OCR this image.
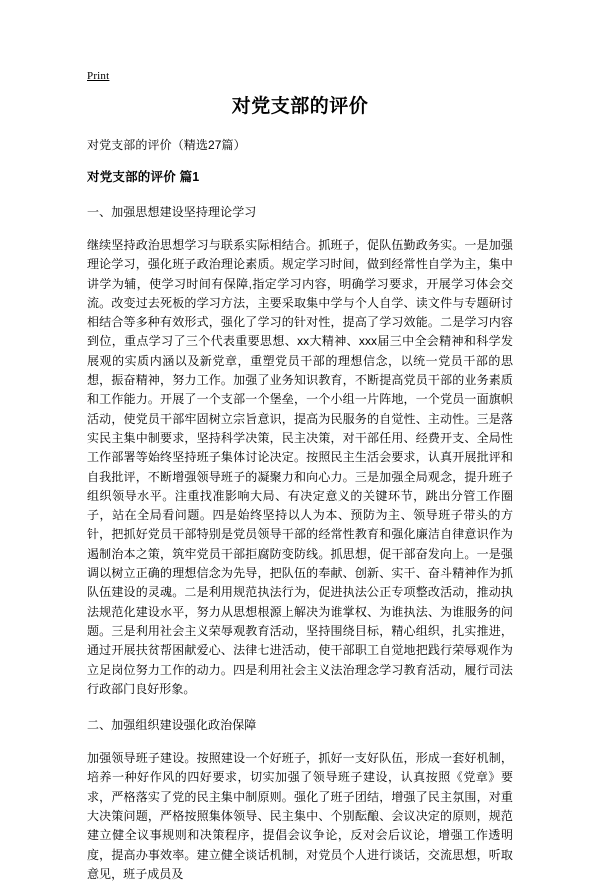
Print
对党支部的评价

对党支部的评价（精选27篇）

对党支部的评价 篇1

一、加强思想建设坚持理论学习

继续坚持政治思想学习与联系实际相结合。抓班子，促队伍勤政务实。一是加强理论学习，强化班子政治理论素质。规定学习时间，做到经常性自学为主，集中讲学为辅，使学习时间有保障,指定学习内容，明确学习要求，开展学习体会交流。改变过去死板的学习方法，主要采取集中学与个人自学、读文件与专题研讨相结合等多种有效形式，强化了学习的针对性，提高了学习效能。二是学习内容到位，重点学习了三个代表重要思想、xx大精神、xxx届三中全会精神和科学发展观的实质内涵以及新党章，重塑党员干部的理想信念，以统一党员干部的思想，振奋精神，努力工作。加强了业务知识教育，不断提高党员干部的业务素质和工作能力。开展了一个支部一个堡垒，一个小组一片阵地，一个党员一面旗帜活动，使党员干部牢固树立宗旨意识，提高为民服务的自觉性、主动性。三是落实民主集中制要求，坚持科学决策，民主决策，对干部任用、经费开支、全局性工作部署等始终坚持班子集体讨论决定。按照民主生活会要求，认真开展批评和自我批评，不断增强领导班子的凝聚力和向心力。三是加强全局观念，提升班子组织领导水平。注重找准影响大局、有决定意义的关键环节，跳出分管工作圈子，站在全局看问题。四是始终坚持以人为本、预防为主、领导班子带头的方针，把抓好党员干部特别是党员领导干部的经常性教育和强化廉洁自律意识作为遏制治本之策，筑牢党员干部拒腐防变防线。抓思想，促干部奋发向上。一是强调以树立正确的理想信念为先导，把队伍的奉献、创新、实干、奋斗精神作为抓队伍建设的灵魂。二是利用规范执法行为，促进执法公正专项整改活动，推动执法规范化建设水平，努力从思想根源上解决为谁掌权、为谁执法、为谁服务的问题。三是利用社会主义荣辱观教育活动，坚持围绕目标，精心组织，扎实推进，通过开展扶贫帮困献爱心、法律七进活动，使干部职工自觉地把践行荣辱观作为立足岗位努力工作的动力。四是利用社会主义法治理念学习教育活动，履行司法行政部门良好形象。

二、加强组织建设强化政治保障

加强领导班子建设。按照建设一个好班子，抓好一支好队伍，形成一套好机制，培养一种好作风的四好要求，切实加强了领导班子建设，认真按照《党章》要求，严格落实了党的民主集中制原则。强化了班子团结，增强了民主氛围，对重大决策问题，严格按照集体领导、民主集中、个别酝酿、会议决定的原则，规范建立健全议事规则和决策程序，提倡会议争论，反对会后议论，增强工作透明度，提高办事效率。建立健全谈话机制，对党员个人进行谈话，交流思想，听取意见，班子成员及
